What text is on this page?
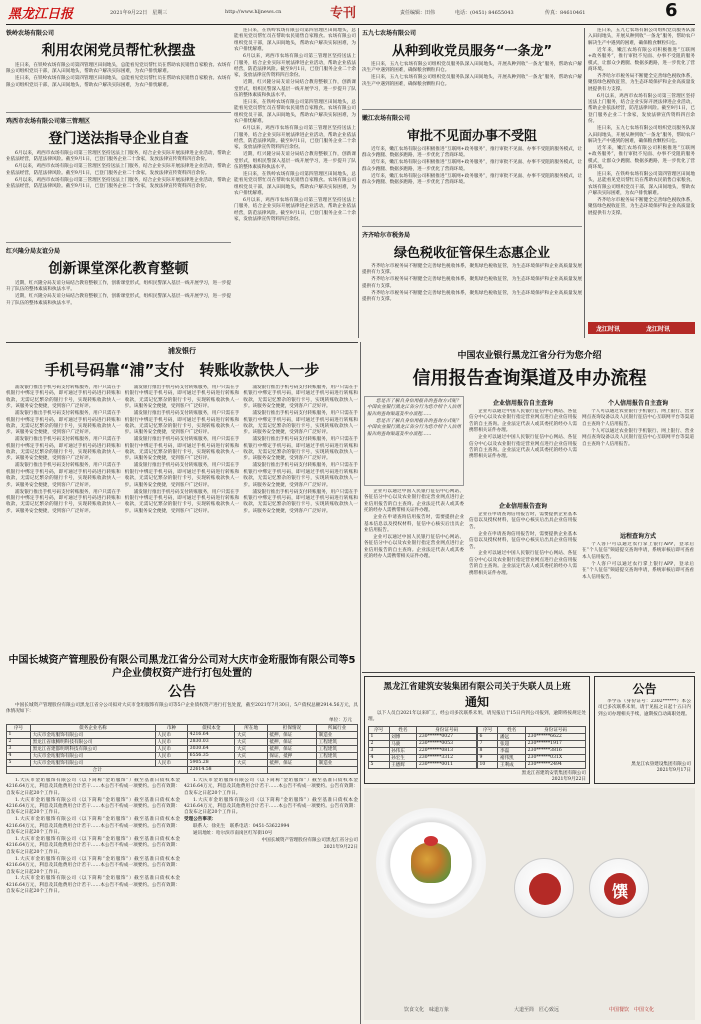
黑龙江日报	2021年9月22日　星期三	专刊
http://www.hljnews.cn	责任编辑：田伟	电话：(0451) 84655043	传真：84610461	6
铁岭农场有限公司
利用农闲党员帮忙秋摆盘

连日来，在铁岭农场有限公司第四管理区田间地头，总能看见党员帮忙员在帮助农民销售自家粮食。农场有限公司组织党员干部，深入田间地头，帮助农户解决实际困难，为农户排忧解难。

连日来，在铁岭农场有限公司第四管理区田间地头，总能看见党员帮忙员在帮助农民销售自家粮食。农场有限公司组织党员干部，深入田间地头，帮助农户解决实际困难，为农户排忧解难。

鸡西市农场有限公司第三管理区
登门送法指导企业自查

6月以来，鸡西市农场有限公司第三管理区坚持送法上门服务，结合企业实际开展法律进企业活动，帮助企业依法经营，防范法律风险。截至9月1日，已登门服务企业二十余家，发放法律宣传资料四百余份。

6月以来，鸡西市农场有限公司第三管理区坚持送法上门服务，结合企业实际开展法律进企业活动，帮助企业依法经营，防范法律风险。截至9月1日，已登门服务企业二十余家，发放法律宣传资料四百余份。

6月以来，鸡西市农场有限公司第三管理区坚持送法上门服务，结合企业实际开展法律进企业活动，帮助企业依法经营，防范法律风险。截至9月1日，已登门服务企业二十余家，发放法律宣传资料四百余份。

红兴隆分局友谊分局
创新课堂深化教育整顿

近期，红兴隆分局友谊分局结合教育整顿工作，创新课堂形式，组织民警深入基层一线开展学习，进一步提升了队伍的整体素质和执法水平。

近期，红兴隆分局友谊分局结合教育整顿工作，创新课堂形式，组织民警深入基层一线开展学习，进一步提升了队伍的整体素质和执法水平。

连日来，在铁岭农场有限公司第四管理区田间地头，总能看见党员帮忙员在帮助农民销售自家粮食。农场有限公司组织党员干部，深入田间地头，帮助农户解决实际困难，为农户排忧解难。

6月以来，鸡西市农场有限公司第三管理区坚持送法上门服务，结合企业实际开展法律进企业活动，帮助企业依法经营，防范法律风险。截至9月1日，已登门服务企业二十余家，发放法律宣传资料四百余份。

近期，红兴隆分局友谊分局结合教育整顿工作，创新课堂形式，组织民警深入基层一线开展学习，进一步提升了队伍的整体素质和执法水平。

连日来，在铁岭农场有限公司第四管理区田间地头，总能看见党员帮忙员在帮助农民销售自家粮食。农场有限公司组织党员干部，深入田间地头，帮助农户解决实际困难，为农户排忧解难。

6月以来，鸡西市农场有限公司第三管理区坚持送法上门服务，结合企业实际开展法律进企业活动，帮助企业依法经营，防范法律风险。截至9月1日，已登门服务企业二十余家，发放法律宣传资料四百余份。

近期，红兴隆分局友谊分局结合教育整顿工作，创新课堂形式，组织民警深入基层一线开展学习，进一步提升了队伍的整体素质和执法水平。

连日来，在铁岭农场有限公司第四管理区田间地头，总能看见党员帮忙员在帮助农民销售自家粮食。农场有限公司组织党员干部，深入田间地头，帮助农户解决实际困难，为农户排忧解难。

6月以来，鸡西市农场有限公司第三管理区坚持送法上门服务，结合企业实际开展法律进企业活动，帮助企业依法经营，防范法律风险。截至9月1日，已登门服务企业二十余家，发放法律宣传资料四百余份。

五九七农场有限公司
从种到收党员服务“一条龙”

连日来，五九七农场有限公司组织党员服务队深入田间地头，开展从种到收“一条龙”服务，帮助农户解决生产中遇到的困难，确保粮食颗粒归仓。

连日来，五九七农场有限公司组织党员服务队深入田间地头，开展从种到收“一条龙”服务，帮助农户解决生产中遇到的困难，确保粮食颗粒归仓。

嫩江农场有限公司
审批不见面办事不受阻

近年来，嫩江农场有限公司积极推进“互联网+政务服务”，推行审批不见面、办事不受阻的服务模式，让群众少跑腿、数据多跑路，进一步优化了营商环境。

近年来，嫩江农场有限公司积极推进“互联网+政务服务”，推行审批不见面、办事不受阻的服务模式，让群众少跑腿、数据多跑路，进一步优化了营商环境。

近年来，嫩江农场有限公司积极推进“互联网+政务服务”，推行审批不见面、办事不受阻的服务模式，让群众少跑腿、数据多跑路，进一步优化了营商环境。

齐齐哈尔市税务局
绿色税收征管保生态惠企业

齐齐哈尔市税务局不断健全完善绿色税收体系，聚焦绿色税收征管，为生态环境保护和企业高质量发展提供有力支撑。

齐齐哈尔市税务局不断健全完善绿色税收体系，聚焦绿色税收征管，为生态环境保护和企业高质量发展提供有力支撑。

齐齐哈尔市税务局不断健全完善绿色税收体系，聚焦绿色税收征管，为生态环境保护和企业高质量发展提供有力支撑。

连日来，五九七农场有限公司组织党员服务队深入田间地头，开展从种到收“一条龙”服务，帮助农户解决生产中遇到的困难，确保粮食颗粒归仓。

近年来，嫩江农场有限公司积极推进“互联网+政务服务”，推行审批不见面、办事不受阻的服务模式，让群众少跑腿、数据多跑路，进一步优化了营商环境。

齐齐哈尔市税务局不断健全完善绿色税收体系，聚焦绿色税收征管，为生态环境保护和企业高质量发展提供有力支撑。

6月以来，鸡西市农场有限公司第三管理区坚持送法上门服务，结合企业实际开展法律进企业活动，帮助企业依法经营，防范法律风险。截至9月1日，已登门服务企业二十余家，发放法律宣传资料四百余份。

连日来，五九七农场有限公司组织党员服务队深入田间地头，开展从种到收“一条龙”服务，帮助农户解决生产中遇到的困难，确保粮食颗粒归仓。

近年来，嫩江农场有限公司积极推进“互联网+政务服务”，推行审批不见面、办事不受阻的服务模式，让群众少跑腿、数据多跑路，进一步优化了营商环境。

连日来，在铁岭农场有限公司第四管理区田间地头，总能看见党员帮忙员在帮助农民销售自家粮食。农场有限公司组织党员干部，深入田间地头，帮助农户解决实际困难，为农户排忧解难。

齐齐哈尔市税务局不断健全完善绿色税收体系，聚焦绿色税收征管，为生态环境保护和企业高质量发展提供有力支撑。

龙江时讯	龙江时讯
浦发银行
手机号码靠“浦”支付　转账收款快人一步

浦发银行推出手机号码支付转账服务，用户只需在手机银行中绑定手机号码，即可通过手机号码进行转账和收款，无需记忆繁杂的银行卡号，实现转账收款快人一步。该服务安全便捷，受到客户广泛好评。

浦发银行推出手机号码支付转账服务，用户只需在手机银行中绑定手机号码，即可通过手机号码进行转账和收款，无需记忆繁杂的银行卡号，实现转账收款快人一步。该服务安全便捷，受到客户广泛好评。

浦发银行推出手机号码支付转账服务，用户只需在手机银行中绑定手机号码，即可通过手机号码进行转账和收款，无需记忆繁杂的银行卡号，实现转账收款快人一步。该服务安全便捷，受到客户广泛好评。

浦发银行推出手机号码支付转账服务，用户只需在手机银行中绑定手机号码，即可通过手机号码进行转账和收款，无需记忆繁杂的银行卡号，实现转账收款快人一步。该服务安全便捷，受到客户广泛好评。

浦发银行推出手机号码支付转账服务，用户只需在手机银行中绑定手机号码，即可通过手机号码进行转账和收款，无需记忆繁杂的银行卡号，实现转账收款快人一步。该服务安全便捷，受到客户广泛好评。

浦发银行推出手机号码支付转账服务，用户只需在手机银行中绑定手机号码，即可通过手机号码进行转账和收款，无需记忆繁杂的银行卡号，实现转账收款快人一步。该服务安全便捷，受到客户广泛好评。

浦发银行推出手机号码支付转账服务，用户只需在手机银行中绑定手机号码，即可通过手机号码进行转账和收款，无需记忆繁杂的银行卡号，实现转账收款快人一步。该服务安全便捷，受到客户广泛好评。

浦发银行推出手机号码支付转账服务，用户只需在手机银行中绑定手机号码，即可通过手机号码进行转账和收款，无需记忆繁杂的银行卡号，实现转账收款快人一步。该服务安全便捷，受到客户广泛好评。

浦发银行推出手机号码支付转账服务，用户只需在手机银行中绑定手机号码，即可通过手机号码进行转账和收款，无需记忆繁杂的银行卡号，实现转账收款快人一步。该服务安全便捷，受到客户广泛好评。

浦发银行推出手机号码支付转账服务，用户只需在手机银行中绑定手机号码，即可通过手机号码进行转账和收款，无需记忆繁杂的银行卡号，实现转账收款快人一步。该服务安全便捷，受到客户广泛好评。

浦发银行推出手机号码支付转账服务，用户只需在手机银行中绑定手机号码，即可通过手机号码进行转账和收款，无需记忆繁杂的银行卡号，实现转账收款快人一步。该服务安全便捷，受到客户广泛好评。

浦发银行推出手机号码支付转账服务，用户只需在手机银行中绑定手机号码，即可通过手机号码进行转账和收款，无需记忆繁杂的银行卡号，实现转账收款快人一步。该服务安全便捷，受到客户广泛好评。

浦发银行推出手机号码支付转账服务，用户只需在手机银行中绑定手机号码，即可通过手机号码进行转账和收款，无需记忆繁杂的银行卡号，实现转账收款快人一步。该服务安全便捷，受到客户广泛好评。

浦发银行推出手机号码支付转账服务，用户只需在手机银行中绑定手机号码，即可通过手机号码进行转账和收款，无需记忆繁杂的银行卡号，实现转账收款快人一步。该服务安全便捷，受到客户广泛好评。

浦发银行推出手机号码支付转账服务，用户只需在手机银行中绑定手机号码，即可通过手机号码进行转账和收款，无需记忆繁杂的银行卡号，实现转账收款快人一步。该服务安全便捷，受到客户广泛好评。

中国农业银行黑龙江省分行为您介绍
信用报告查询渠道及申办流程

您是否了解自身信用报告的查询方式呢？中国农业银行黑龙江省分行为您介绍个人信用报告的查询渠道及申办流程……

您是否了解自身信用报告的查询方式呢？中国农业银行黑龙江省分行为您介绍个人信用报告的查询渠道及申办流程……

企业可以通过中国人民银行征信中心网站、各征信分中心以及农业银行指定营业网点进行企业信用报告的自主查询。企业法定代表人或其委托的经办人需携带相关证件办理。

企业在申请查询信用报告时，需要提供企业基本信息以及授权材料，征信中心核实后出具企业信用报告。

企业可以通过中国人民银行征信中心网站、各征信分中心以及农业银行指定营业网点进行企业信用报告的自主查询。企业法定代表人或其委托的经办人需携带相关证件办理。

企业信用报告自主查询

企业可以通过中国人民银行征信中心网站、各征信分中心以及农业银行指定营业网点进行企业信用报告的自主查询。企业法定代表人或其委托的经办人需携带相关证件办理。

企业可以通过中国人民银行征信中心网站、各征信分中心以及农业银行指定营业网点进行企业信用报告的自主查询。企业法定代表人或其委托的经办人需携带相关证件办理。

企业信用报告查询

企业在申请查询信用报告时，需要提供企业基本信息以及授权材料，征信中心核实后出具企业信用报告。

企业在申请查询信用报告时，需要提供企业基本信息以及授权材料，征信中心核实后出具企业信用报告。

企业可以通过中国人民银行征信中心网站、各征信分中心以及农业银行指定营业网点进行企业信用报告的自主查询。企业法定代表人或其委托的经办人需携带相关证件办理。

个人信用报告自主查询

个人可以通过农业银行手机银行、网上银行、营业网点查询设备以及人民银行征信中心互联网平台等渠道自主查询个人信用报告。

个人可以通过农业银行手机银行、网上银行、营业网点查询设备以及人民银行征信中心互联网平台等渠道自主查询个人信用报告。

远程查询方式

个人客户可以通过农行掌上银行APP，登录后在“个人征信”频道提交查询申请，系统审核后即可查看本人信用报告。

个人客户可以通过农行掌上银行APP，登录后在“个人征信”频道提交查询申请，系统审核后即可查看本人信用报告。

中国长城资产管理股份有限公司黑龙江省分公司对大庆市金珩服饰有限公司等5户企业债权资产进行打包处置的
公告
中国长城资产管理股份有限公司黑龙江省分公司拟对大庆市金珩服饰有限公司等5户企业债权资产进行打包处置，截至2021年7月30日，5户债权总额2914.56万元，具体情况如下：
单位：万元
序号	债务企业名称	币种	债权本金	所在地	担保情况	所属行业
1	大庆市金珩服饰有限公司	人民币	4216.64	大庆	抵押、保证	制造业
2	黑龙江省康腾明科技有限公司	人民币	2830.03	大庆	抵押、保证	工程建筑
3	黑龙江省建都明明科技有限公司	人民币	3030.64	大庆	抵押、保证	工程建筑
4	大庆市金珩服饰有限公司	人民币	6556.35	大庆	保证、抵押	工程建筑
5	大庆市金珩服饰有限公司	人民币	5905.28	大庆	抵押、保证	制造业
合计			22614.58			

1.大庆市金珩服饰有限公司（以下简称“金珩服饰”）截至基准日债权本金4216.64万元，利息及其他费用合计若干……本公告不构成一项要约。公告有效期：自发布之日起20个工作日。

1.大庆市金珩服饰有限公司（以下简称“金珩服饰”）截至基准日债权本金4216.64万元，利息及其他费用合计若干……本公告不构成一项要约。公告有效期：自发布之日起20个工作日。

1.大庆市金珩服饰有限公司（以下简称“金珩服饰”）截至基准日债权本金4216.64万元，利息及其他费用合计若干……本公告不构成一项要约。公告有效期：自发布之日起20个工作日。

1.大庆市金珩服饰有限公司（以下简称“金珩服饰”）截至基准日债权本金4216.64万元，利息及其他费用合计若干……本公告不构成一项要约。公告有效期：自发布之日起20个工作日。

1.大庆市金珩服饰有限公司（以下简称“金珩服饰”）截至基准日债权本金4216.64万元，利息及其他费用合计若干……本公告不构成一项要约。公告有效期：自发布之日起20个工作日。

1.大庆市金珩服饰有限公司（以下简称“金珩服饰”）截至基准日债权本金4216.64万元，利息及其他费用合计若干……本公告不构成一项要约。公告有效期：自发布之日起20个工作日。

1.大庆市金珩服饰有限公司（以下简称“金珩服饰”）截至基准日债权本金4216.64万元，利息及其他费用合计若干……本公告不构成一项要约。公告有效期：自发布之日起20个工作日。

1.大庆市金珩服饰有限公司（以下简称“金珩服饰”）截至基准日债权本金4216.64万元，利息及其他费用合计若干……本公告不构成一项要约。公告有效期：自发布之日起20个工作日。

受理公告事项：

联系人：徐先生　联系电话：0451-53622994

通讯地址：哈尔滨市南岗区红军街10号

中国长城资产管理股份有限公司黑龙江省分公司

2021年9月22日

黑龙江省建筑安装集团有限公司关于失联人员上班
通知
以下人员自2021年以来旷工，经公司多次联系未果，请见报后于15日内到公司报到，逾期将按规定处理。
序号	姓名	身份证号码
1	刘博	230******0027
2	马骏	230******0053
3	孙伟东	220******0813
4	孙宏生	230******3312
5	王德辉	230******0011
序号	姓名	身份证号码
6	潘远	230******6622
7	张超	230******1917
8	李磊	230******3816
9	褚伟凯	230******031X
10	王利成	230******2494
黑龙江省建筑安装集团有限公司
2021年9月22日
公告
李学东（身份证号：2302******）本公司已多次联系未果，请于见报之日起十五日内到公司办理相关手续，逾期按自动离职处理。
黑龙江农垦建设集团有限公司
2021年9月17日
馔
饮食文化　味道万象	大道至简　匠心致远	中国餐饮　中国文化
